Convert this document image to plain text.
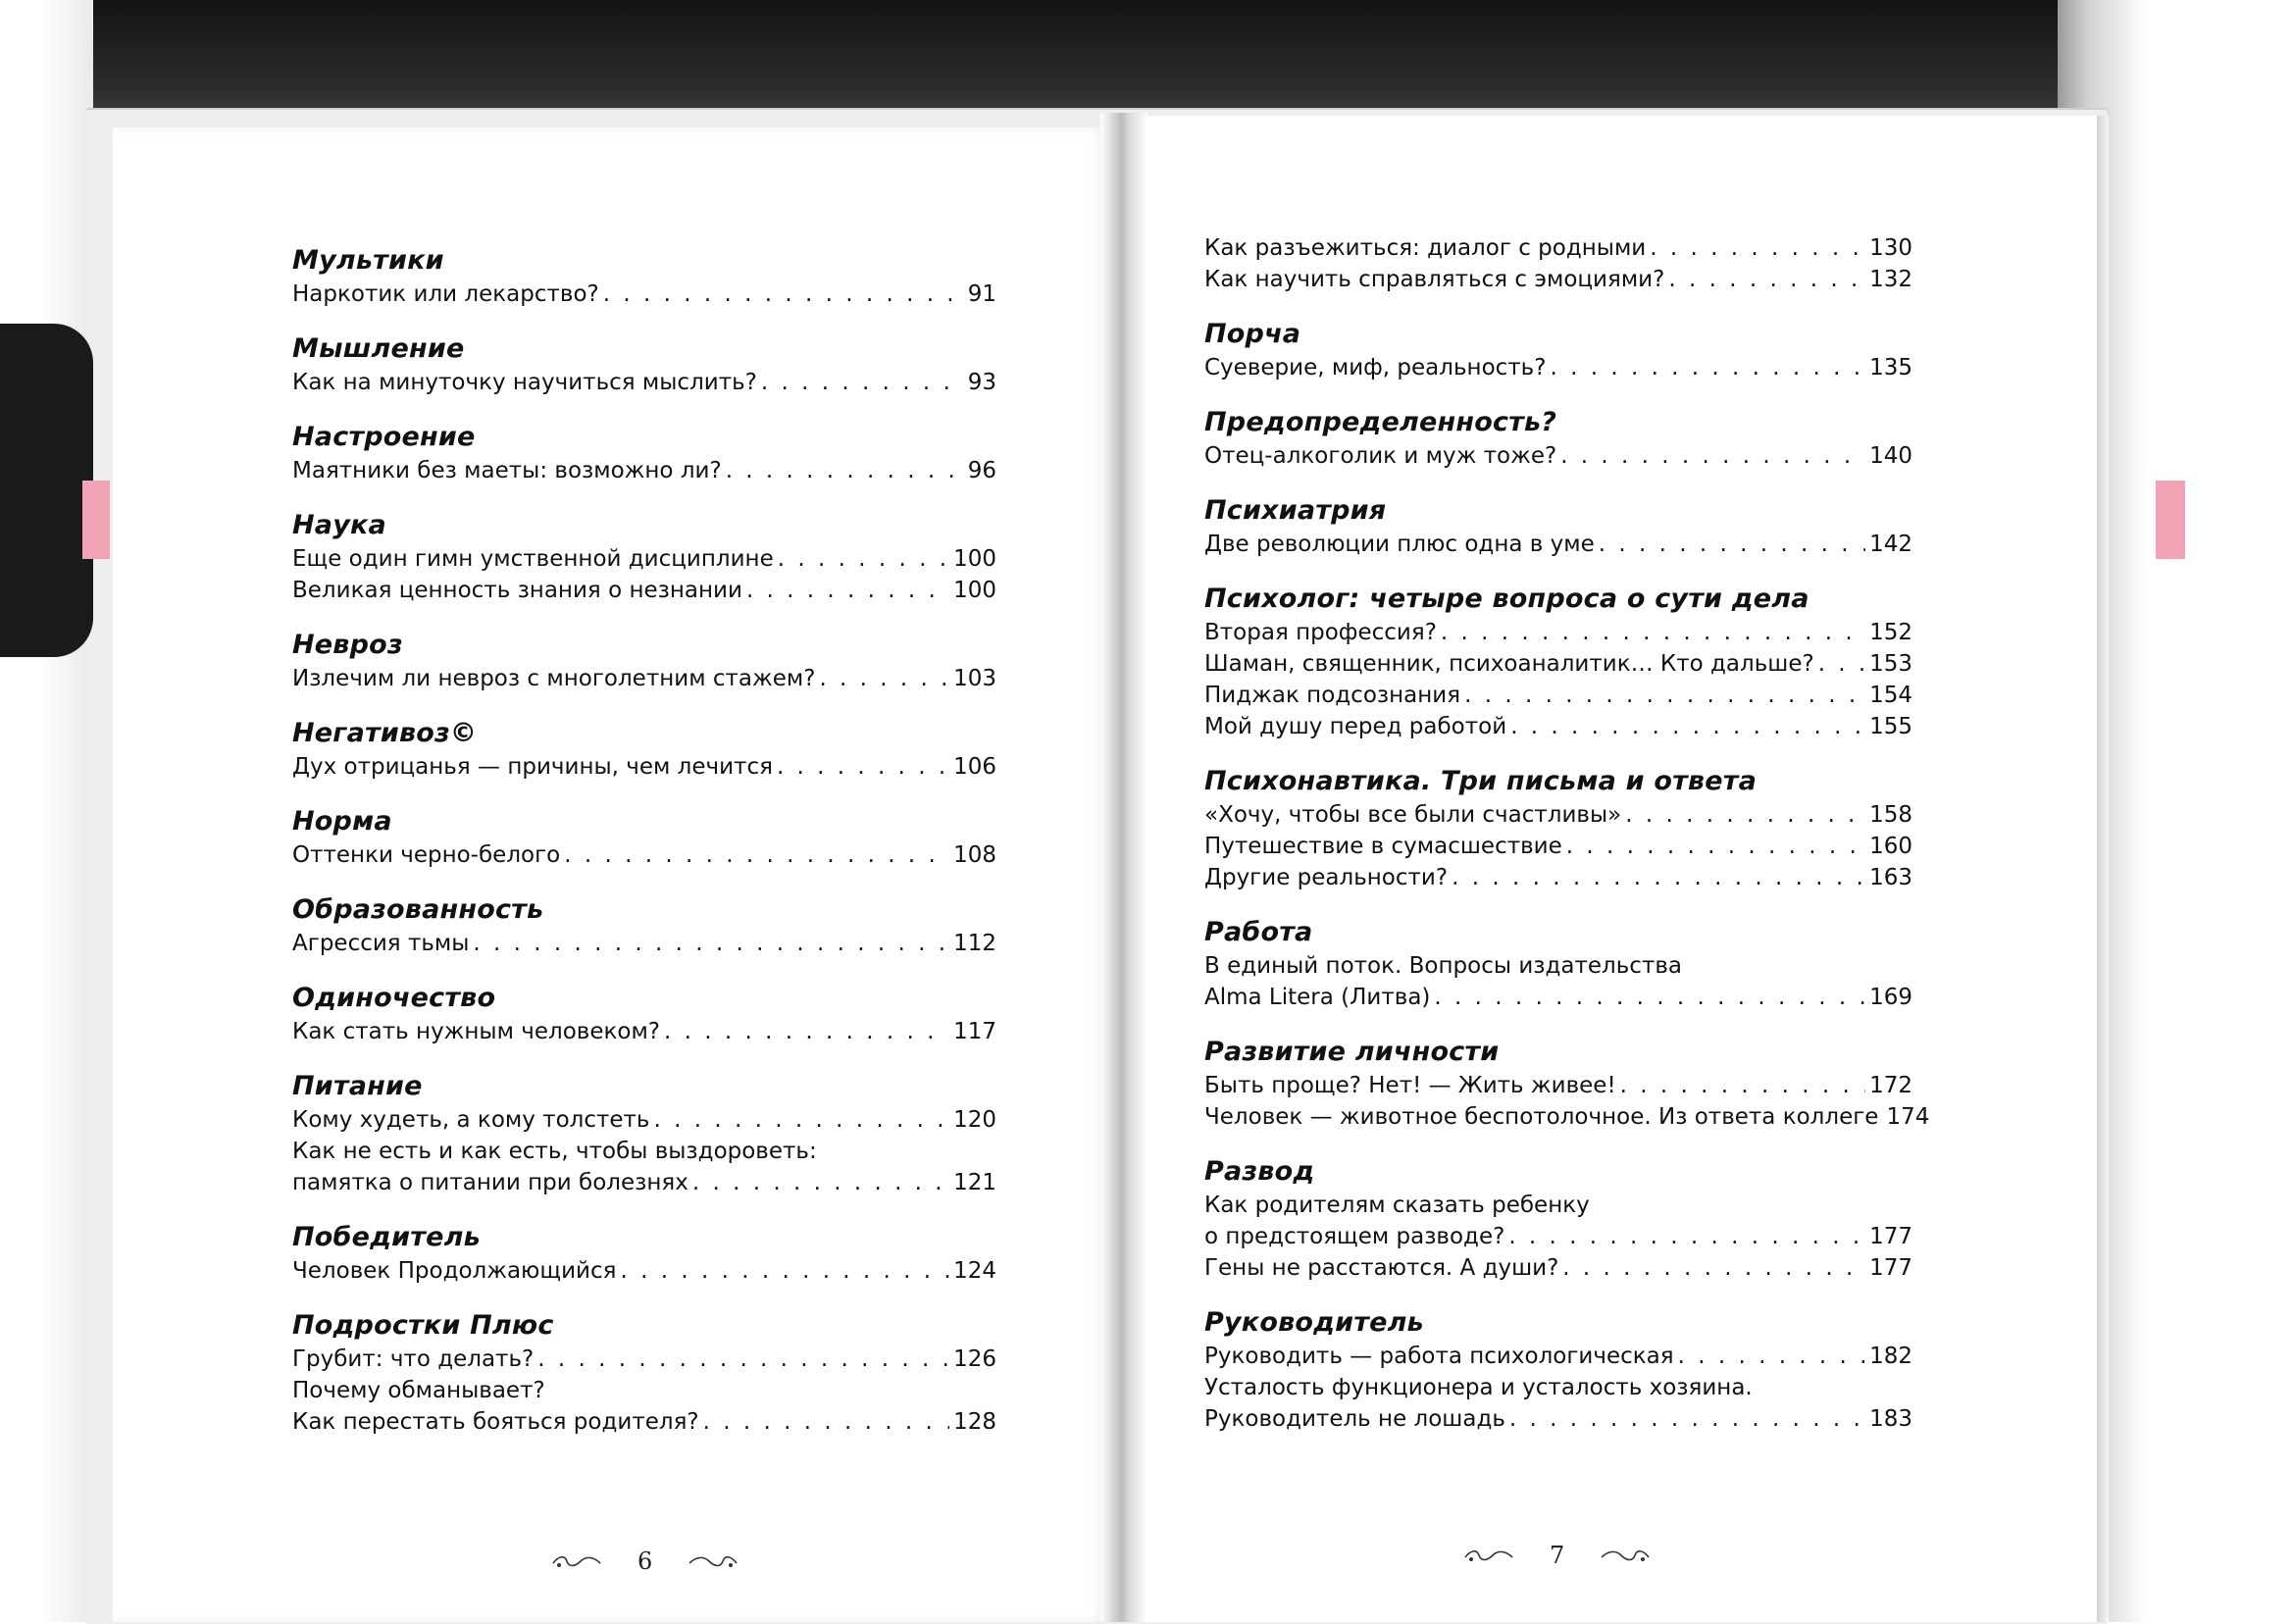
Мультики
Наркотик или лекарство? . . .	91
Мышление
Как на минуточку научиться мыслить? . . .	93
Настроение
Маятники без маеты: возможно ли? . . .	96
Наука
Еще один гимн умственной дисциплине . . .	100
Великая ценность знания о незнании . . .	100
Невроз
Излечим ли невроз с многолетним стажем? . . .	103
Негативоз©
Дух отрицанья — причины, чем лечится . . .	106
Норма
Оттенки черно-белого . . .	108
Образованность
Агрессия тьмы . . .	112
Одиночество
Как стать нужным человеком? . . .	117
Питание
Кому худеть, а кому толстеть . . .	120
Как не есть и как есть, чтобы выздороветь:
памятка о питании при болезнях . . .	121
Победитель
Человек Продолжающийся . . .	124
Подростки Плюс
Грубит: что делать? . . .	126
Почему обманывает?
Как перестать бояться родителя? . . .	128
Как разъежиться: диалог с родными . . .	130
Как научить справляться с эмоциями? . . .	132
Порча
Суеверие, миф, реальность? . . .	135
Предопределенность?
Отец-алкоголик и муж тоже? . . .	140
Психиатрия
Две революции плюс одна в уме . . .	142
Психолог: четыре вопроса о сути дела
Вторая профессия? . . .	152
Шаман, священник, психоаналитик… Кто дальше? . . . 153
Пиджак подсознания . . .	154
Мой душу перед работой . . .	155
Психонавтика. Три письма и ответа
«Хочу, чтобы все были счастливы» . . .	158
Путешествие в сумасшествие . . .	160
Другие реальности? . . .	163
Работа
В единый поток. Вопросы издательства
Alma Litera (Литва) . . .	169
Развитие личности
Быть проще? Нет! — Жить живее! . . .	172
Человек — животное беспотолочное. Из ответа коллеге 174
Развод
Как родителям сказать ребенку
о предстоящем разводе? . . .	177
Гены не расстаются. А души? . . .	177
Руководитель
Руководить — работа психологическая . . .	182
Усталость функционера и усталость хозяина.
Руководитель не лошадь . . .	183
6	7
